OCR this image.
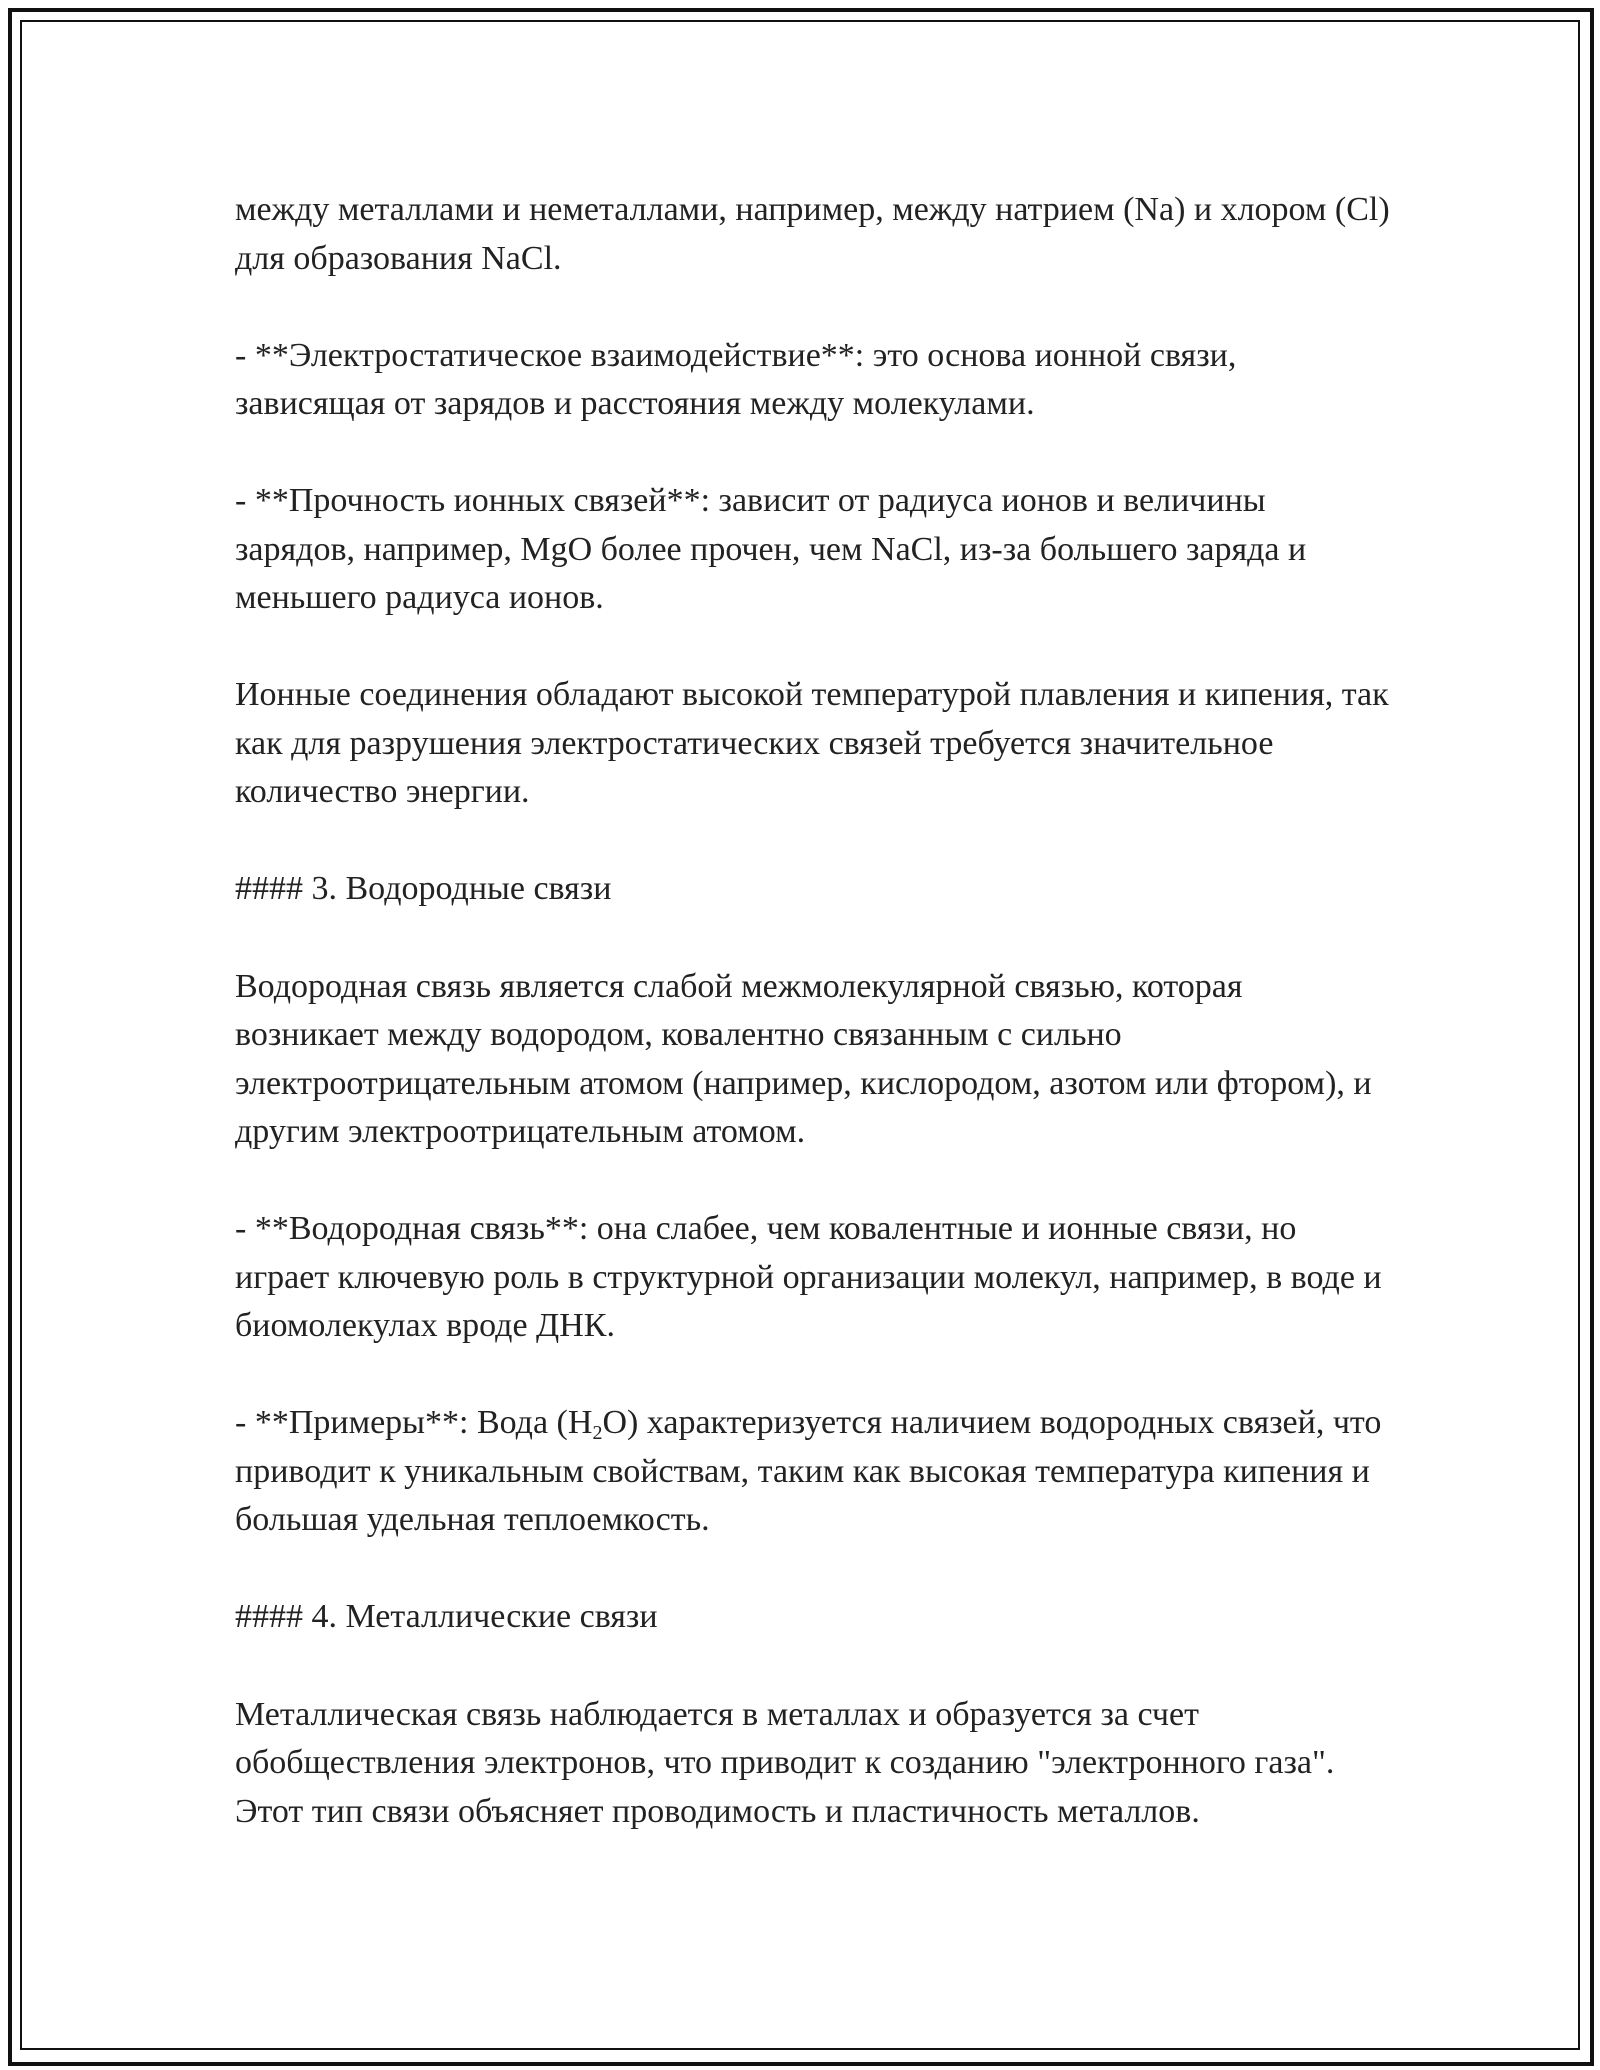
между металлами и неметаллами, например, между натрием (Na) и хлором (Cl) для образования NaCl.

- **Электростатическое взаимодействие**: это основа ионной связи, зависящая от зарядов и расстояния между молекулами.

- **Прочность ионных связей**: зависит от радиуса ионов и величины зарядов, например, MgO более прочен, чем NaCl, из-за большего заряда и меньшего радиуса ионов.

Ионные соединения обладают высокой температурой плавления и кипения, так как для разрушения электростатических связей требуется значительное количество энергии.

#### 3. Водородные связи

Водородная связь является слабой межмолекулярной связью, которая возникает между водородом, ковалентно связанным с сильно электроотрицательным атомом (например, кислородом, азотом или фтором), и другим электроотрицательным атомом.

- **Водородная связь**: она слабее, чем ковалентные и ионные связи, но играет ключевую роль в структурной организации молекул, например, в воде и биомолекулах вроде ДНК.

- **Примеры**: Вода $(H_2O)$ характеризуется наличием водородных связей, что приводит к уникальным свойствам, таким как высокая температура кипения и большая удельная теплоемкость.

#### 4. Металлические связи

Металлическая связь наблюдается в металлах и образуется за счет обобществления электронов, что приводит к созданию "электронного газа". Этот тип связи объясняет проводимость и пластичность металлов.
